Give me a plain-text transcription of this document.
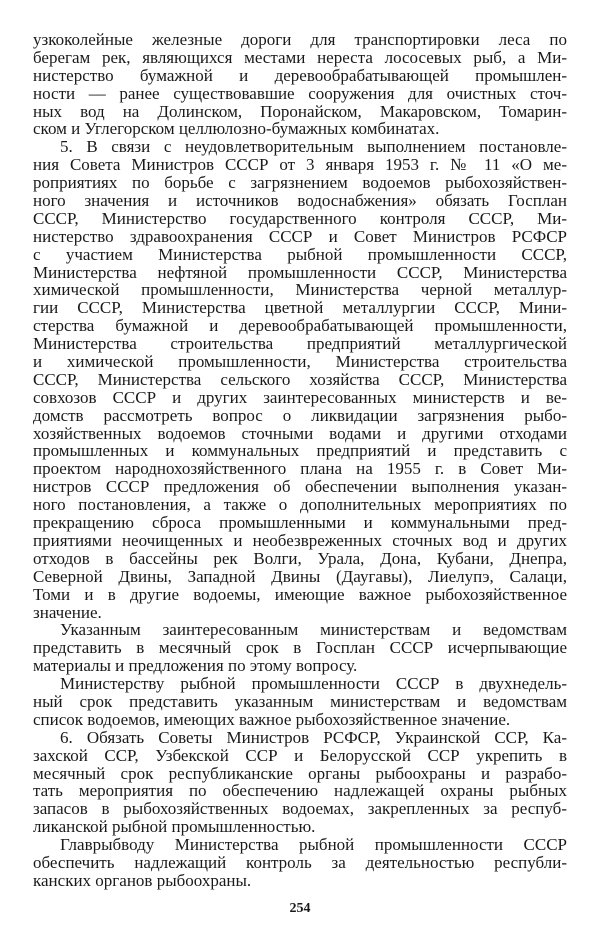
узкоколейные железные дороги для транспортировки леса по
берегам рек, являющихся местами нереста лососевых рыб, а Ми-
нистерство бумажной и деревообрабатывающей промышлен-
ности — ранее существовавшие сооружения для очистных сточ-
ных вод на Долинском, Поронайском, Макаровском, Томарин-
ском и Углегорском целлюлозно-бумажных комбинатах.
5. В связи с неудовлетворительным выполнением постановле-
ния Совета Министров СССР от 3 января 1953 г. № 11 «О ме-
роприятиях по борьбе с загрязнением водоемов рыбохозяйствен-
ного значения и источников водоснабжения» обязать Госплан
СССР, Министерство государственного контроля СССР, Ми-
нистерство здравоохранения СССР и Совет Министров РСФСР
с участием Министерства рыбной промышленности СССР,
Министерства нефтяной промышленности СССР, Министерства
химической промышленности, Министерства черной металлур-
гии СССР, Министерства цветной металлургии СССР, Мини-
стерства бумажной и деревообрабатывающей промышленности,
Министерства строительства предприятий металлургической
и химической промышленности, Министерства строительства
СССР, Министерства сельского хозяйства СССР, Министерства
совхозов СССР и других заинтересованных министерств и ве-
домств рассмотреть вопрос о ликвидации загрязнения рыбо-
хозяйственных водоемов сточными водами и другими отходами
промышленных и коммунальных предприятий и представить с
проектом народнохозяйственного плана на 1955 г. в Совет Ми-
нистров СССР предложения об обеспечении выполнения указан-
ного постановления, а также о дополнительных мероприятиях по
прекращению сброса промышленными и коммунальными пред-
приятиями неочищенных и необезвреженных сточных вод и других
отходов в бассейны рек Волги, Урала, Дона, Кубани, Днепра,
Северной Двины, Западной Двины (Даугавы), Лиелупэ, Салаци,
Томи и в другие водоемы, имеющие важное рыбохозяйственное
значение.
Указанным заинтересованным министерствам и ведомствам
представить в месячный срок в Госплан СССР исчерпывающие
материалы и предложения по этому вопросу.
Министерству рыбной промышленности СССР в двухнедель-
ный срок представить указанным министерствам и ведомствам
список водоемов, имеющих важное рыбохозяйственное значение.
6. Обязать Советы Министров РСФСР, Украинской ССР, Ка-
захской ССР, Узбекской ССР и Белорусской ССР укрепить в
месячный срок республиканские органы рыбоохраны и разрабо-
тать мероприятия по обеспечению надлежащей охраны рыбных
запасов в рыбохозяйственных водоемах, закрепленных за респуб-
ликанской рыбной промышленностью.
Главрыбводу Министерства рыбной промышленности СССР
обеспечить надлежащий контроль за деятельностью республи-
канских органов рыбоохраны.
254
